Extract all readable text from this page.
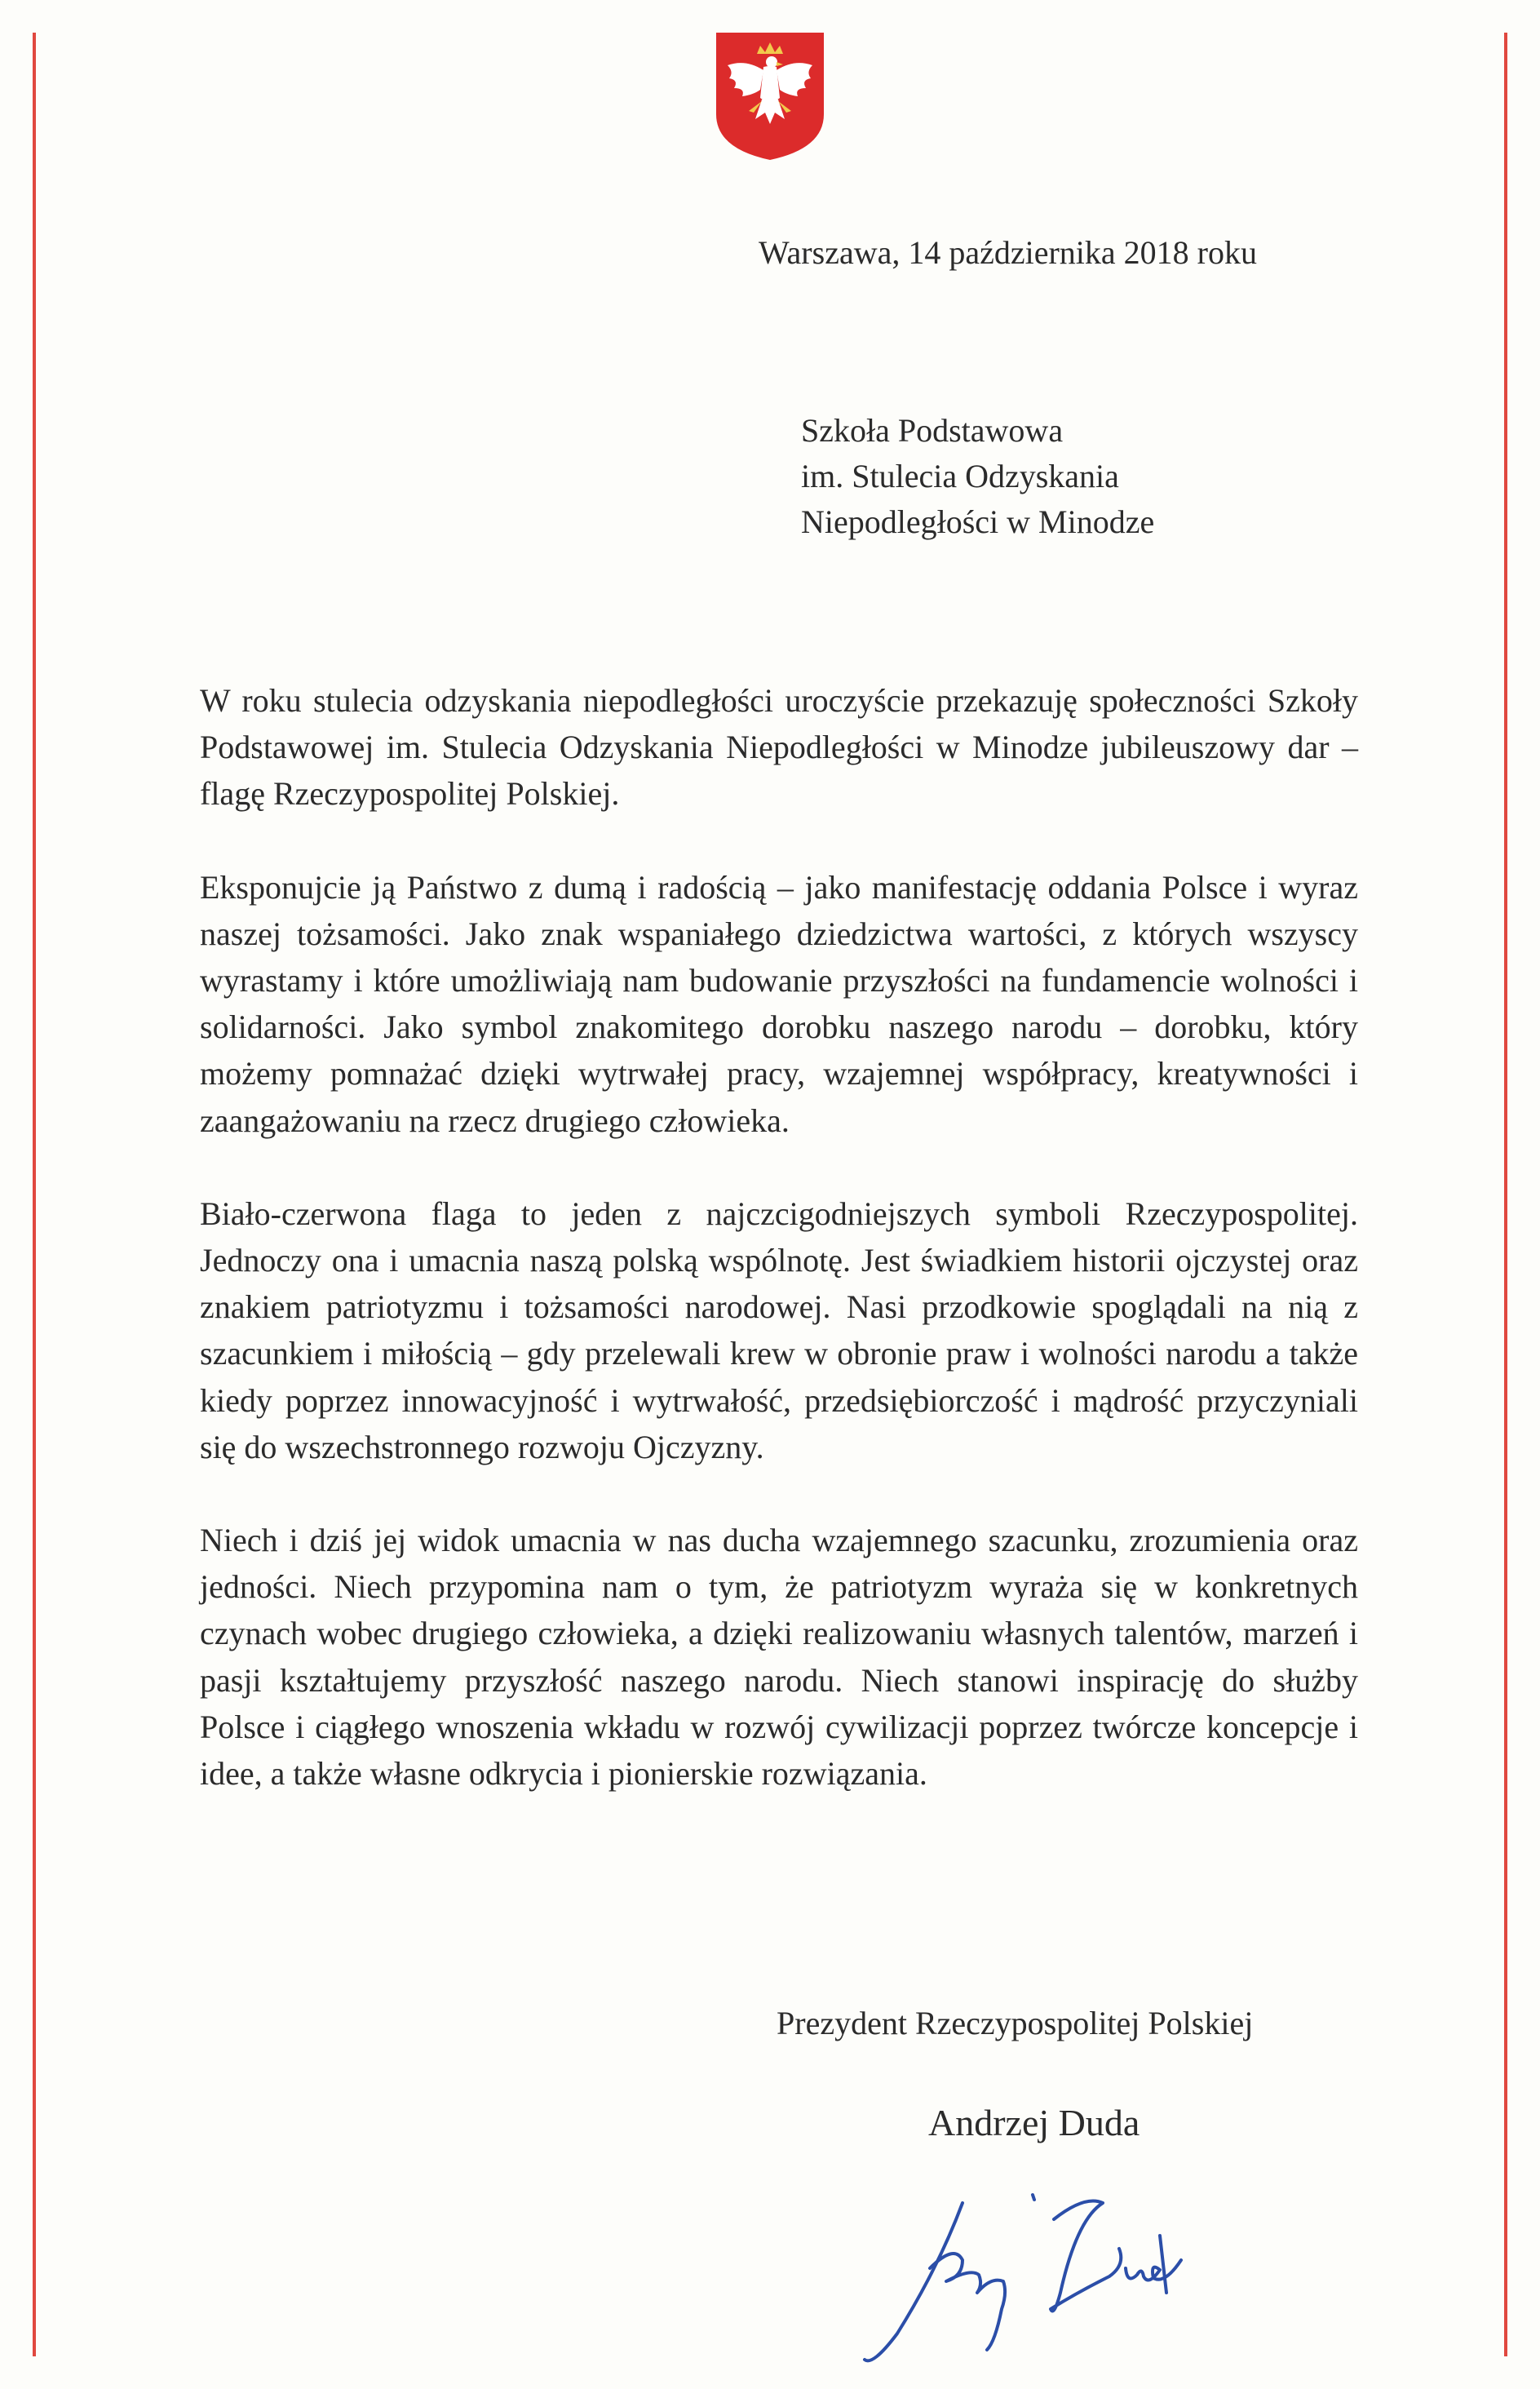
Warszawa, 14 października 2018 roku
Szkoła Podstawowa
im. Stulecia Odzyskania
Niepodległości w Minodze

W roku stulecia odzyskania niepodległości uroczyście przekazuję społeczności Szkoły Podstawowej im. Stulecia Odzyskania Niepodległości w Minodze jubileuszowy dar – flagę Rzeczypospolitej Polskiej.

Eksponujcie ją Państwo z dumą i radością – jako manifestację oddania Polsce i wyraz naszej tożsamości. Jako znak wspaniałego dziedzictwa wartości, z których wszyscy wyrastamy i które umożliwiają nam budowanie przyszłości na fundamencie wolności i solidarności. Jako symbol znakomitego dorobku naszego narodu – dorobku, który możemy pomnażać dzięki wytrwałej pracy, wzajemnej współpracy, kreatywności i zaangażowaniu na rzecz drugiego człowieka.

Biało-czerwona flaga to jeden z najczcigodniejszych symboli Rzeczypospolitej. Jednoczy ona i umacnia naszą polską wspólnotę. Jest świadkiem historii ojczystej oraz znakiem patriotyzmu i tożsamości narodowej. Nasi przodkowie spoglądali na nią z szacunkiem i miłością – gdy przelewali krew w obronie praw i wolności narodu a także kiedy poprzez innowacyjność i wytrwałość, przedsiębiorczość i mądrość przyczyniali się do wszechstronnego rozwoju Ojczyzny.

Niech i dziś jej widok umacnia w nas ducha wzajemnego szacunku, zrozumienia oraz jedności. Niech przypomina nam o tym, że patriotyzm wyraża się w konkretnych czynach wobec drugiego człowieka, a dzięki realizowaniu własnych talentów, marzeń i pasji kształtujemy przyszłość naszego narodu. Niech stanowi inspirację do służby Polsce i ciągłego wnoszenia wkładu w rozwój cywilizacji poprzez twórcze koncepcje i idee, a także własne odkrycia i pionierskie rozwiązania.

Prezydent Rzeczypospolitej Polskiej
Andrzej Duda
